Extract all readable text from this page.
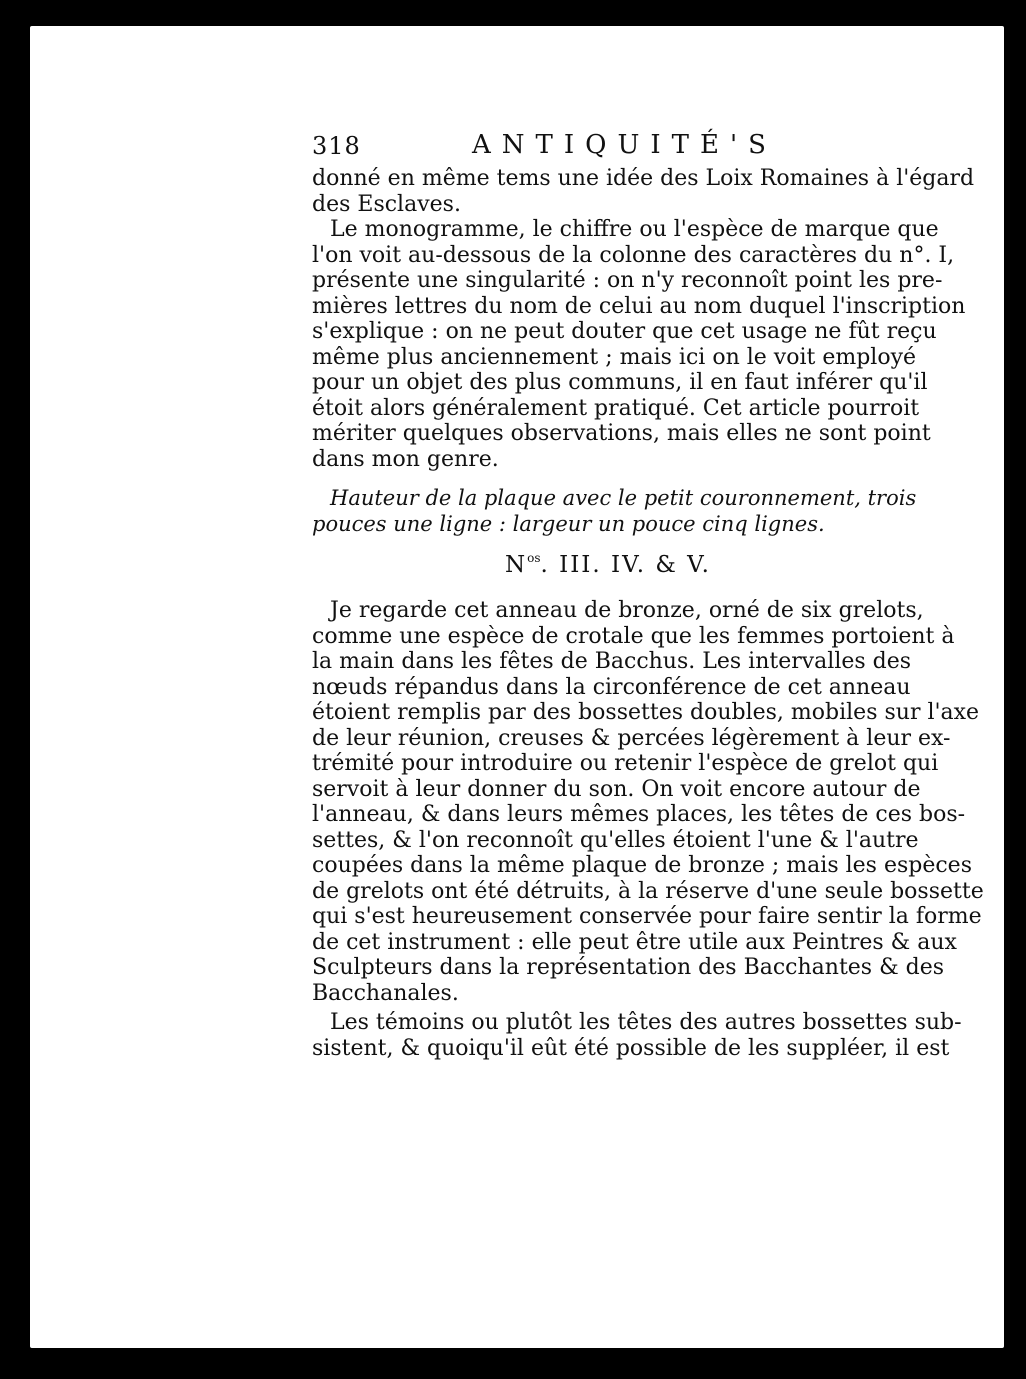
318	ANTIQUITÉ'S
donné en même tems une idée des Loix Romaines à l'égard
des Esclaves.
Le monogramme, le chiffre ou l'espèce de marque que
l'on voit au-dessous de la colonne des caractères du n°. I,
présente une singularité : on n'y reconnoît point les pre-
mières lettres du nom de celui au nom duquel l'inscription
s'explique : on ne peut douter que cet usage ne fût reçu
même plus anciennement ; mais ici on le voit employé
pour un objet des plus communs, il en faut inférer qu'il
étoit alors généralement pratiqué. Cet article pourroit
mériter quelques observations, mais elles ne sont point
dans mon genre.
Hauteur de la plaque avec le petit couronnement, trois
pouces une ligne : largeur un pouce cinq lignes.
$N^{os}$. III. IV. & V.
Je regarde cet anneau de bronze, orné de six grelots,
comme une espèce de crotale que les femmes portoient à
la main dans les fêtes de Bacchus. Les intervalles des
nœuds répandus dans la circonférence de cet anneau
étoient remplis par des bossettes doubles, mobiles sur l'axe
de leur réunion, creuses & percées légèrement à leur ex-
trémité pour introduire ou retenir l'espèce de grelot qui
servoit à leur donner du son. On voit encore autour de
l'anneau, & dans leurs mêmes places, les têtes de ces bos-
settes, & l'on reconnoît qu'elles étoient l'une & l'autre
coupées dans la même plaque de bronze ; mais les espèces
de grelots ont été détruits, à la réserve d'une seule bossette
qui s'est heureusement conservée pour faire sentir la forme
de cet instrument : elle peut être utile aux Peintres & aux
Sculpteurs dans la représentation des Bacchantes & des
Bacchanales.
Les témoins ou plutôt les têtes des autres bossettes sub-
sistent, & quoiqu'il eût été possible de les suppléer, il est
